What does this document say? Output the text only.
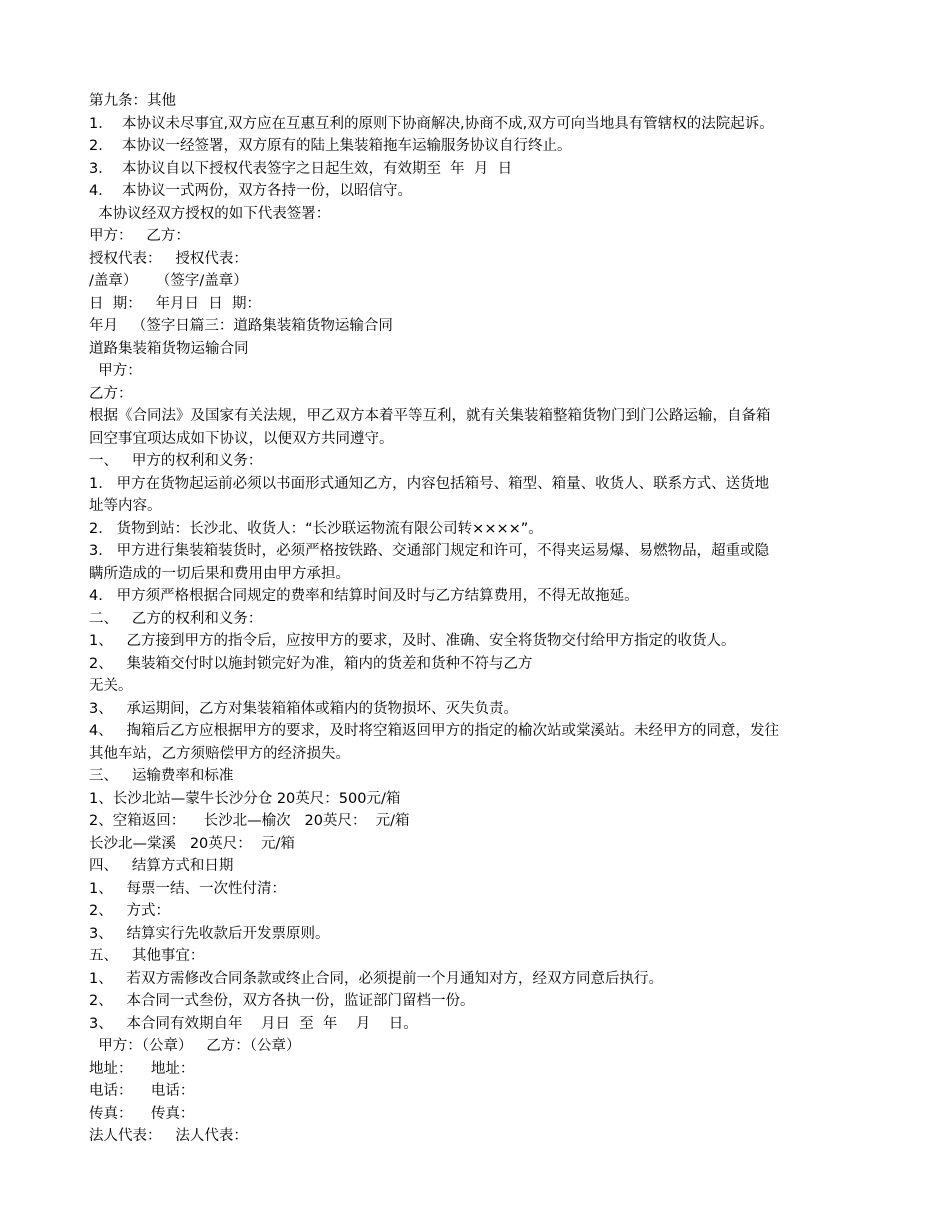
第九条：其他
1．  本协议未尽事宜,双方应在互惠互利的原则下协商解决,协商不成,双方可向当地具有管辖权的法院起诉。
2．  本协议一经签署，双方原有的陆上集装箱拖车运输服务协议自行终止。
3．  本协议自以下授权代表签字之日起生效，有效期至  年  月  日
4．  本协议一式两份，双方各持一份，以昭信守。
本协议经双方授权的如下代表签署：
甲方：   乙方：
授权代表：   授权代表：
/盖章）    （签字/盖章）
日  期：   年月日  日  期：
年月   （签字日篇三：道路集装箱货物运输合同
道路集装箱货物运输合同
甲方：
乙方：
根据《合同法》及国家有关法规，甲乙双方本着平等互利，就有关集装箱整箱货物门到门公路运输，自备箱
回空事宜项达成如下协议，以便双方共同遵守。
一、   甲方的权利和义务：
1.   甲方在货物起运前必须以书面形式通知乙方，内容包括箱号、箱型、箱量、收货人、联系方式、送货地
址等内容。
2.   货物到站：长沙北、收货人：“长沙联运物流有限公司转××××”。
3.   甲方进行集装箱装货时，必须严格按铁路、交通部门规定和许可，不得夹运易爆、易燃物品，超重或隐
瞒所造成的一切后果和费用由甲方承担。
4.   甲方须严格根据合同规定的费率和结算时间及时与乙方结算费用，不得无故拖延。
二、   乙方的权利和义务：
1、   乙方接到甲方的指令后，应按甲方的要求，及时、准确、安全将货物交付给甲方指定的收货人。
2、   集装箱交付时以施封锁完好为准，箱内的货差和货种不符与乙方
无关。
3、   承运期间，乙方对集装箱箱体或箱内的货物损坏、灭失负责。
4、   掏箱后乙方应根据甲方的要求，及时将空箱返回甲方的指定的榆次站或棠溪站。未经甲方的同意，发往
其他车站，乙方须赔偿甲方的经济损失。
三、   运输费率和标准
1、长沙北站—蒙牛长沙分仓 20英尺：500元/箱
2、空箱返回：    长沙北—榆次   20英尺：  元/箱
长沙北—棠溪   20英尺：  元/箱
四、   结算方式和日期
1、   每票一结、一次性付清：
2、   方式：
3、   结算实行先收款后开发票原则。
五、   其他事宜：
1、   若双方需修改合同条款或终止合同，必须提前一个月通知对方，经双方同意后执行。
2、   本合同一式叁份，双方各执一份，监证部门留档一份。
3、   本合同有效期自年    月日  至  年    月    日。
甲方：（公章）   乙方：（公章）
地址：    地址：
电话：    电话：
传真：    传真：
法人代表：   法人代表：
